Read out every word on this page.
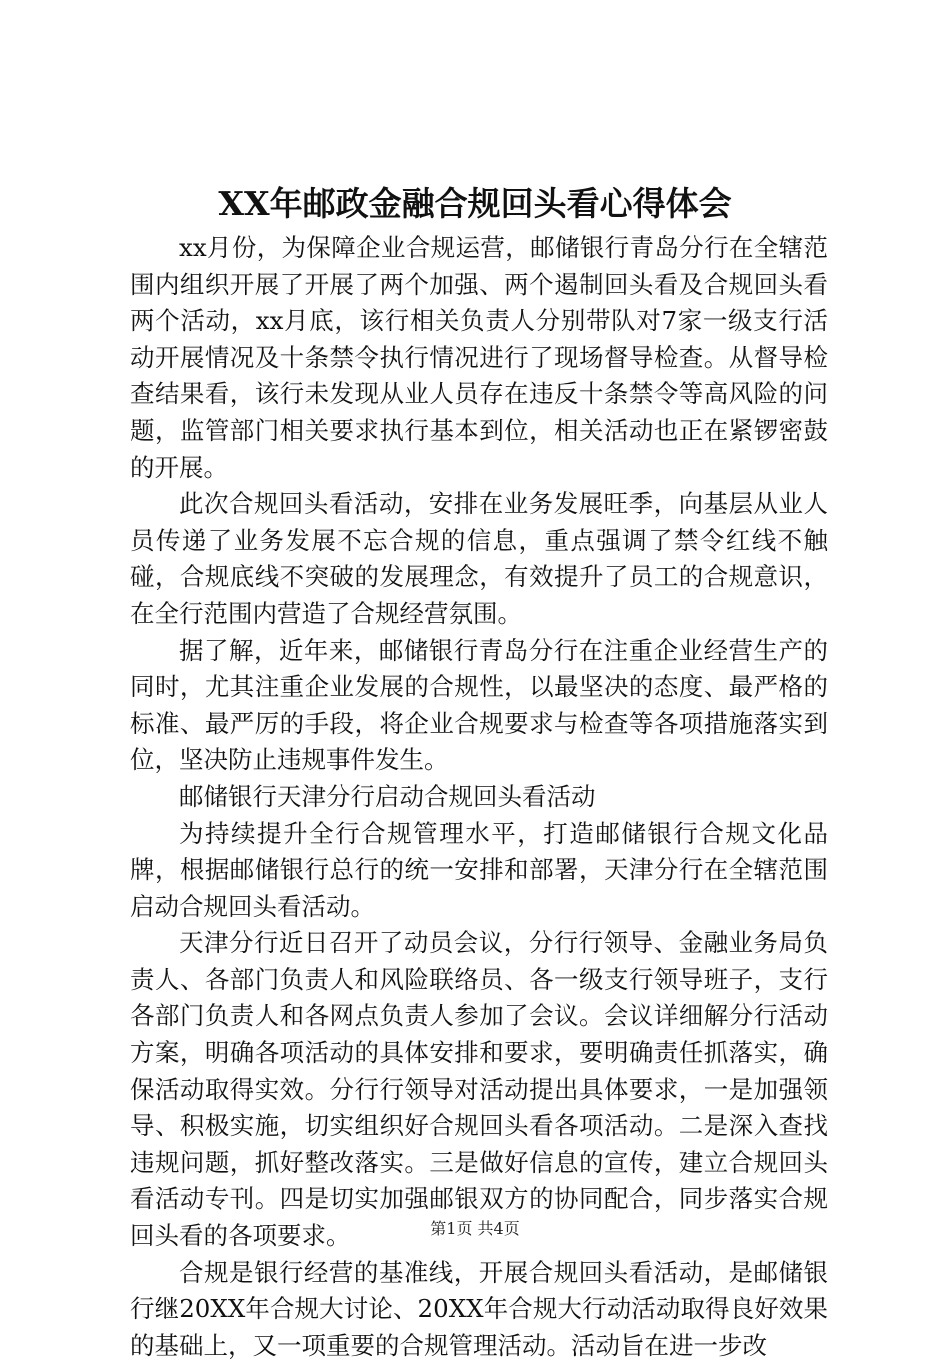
XX年邮政金融合规回头看心得体会

xx月份，为保障企业合规运营，邮储银行青岛分行在全辖范围内组织开展了开展了两个加强、两个遏制回头看及合规回头看两个活动，xx月底，该行相关负责人分别带队对7家一级支行活动开展情况及十条禁令执行情况进行了现场督导检查。从督导检查结果看，该行未发现从业人员存在违反十条禁令等高风险的问题，监管部门相关要求执行基本到位，相关活动也正在紧锣密鼓的开展。

此次合规回头看活动，安排在业务发展旺季，向基层从业人员传递了业务发展不忘合规的信息，重点强调了禁令红线不触碰，合规底线不突破的发展理念，有效提升了员工的合规意识，在全行范围内营造了合规经营氛围。

据了解，近年来，邮储银行青岛分行在注重企业经营生产的同时，尤其注重企业发展的合规性，以最坚决的态度、最严格的标准、最严厉的手段，将企业合规要求与检查等各项措施落实到位，坚决防止违规事件发生。

邮储银行天津分行启动合规回头看活动

为持续提升全行合规管理水平，打造邮储银行合规文化品牌，根据邮储银行总行的统一安排和部署，天津分行在全辖范围启动合规回头看活动。

天津分行近日召开了动员会议，分行行领导、金融业务局负责人、各部门负责人和风险联络员、各一级支行领导班子，支行各部门负责人和各网点负责人参加了会议。会议详细解分行活动方案，明确各项活动的具体安排和要求，要明确责任抓落实，确保活动取得实效。分行行领导对活动提出具体要求，一是加强领导、积极实施，切实组织好合规回头看各项活动。二是深入查找违规问题，抓好整改落实。三是做好信息的宣传，建立合规回头看活动专刊。四是切实加强邮银双方的协同配合，同步落实合规回头看的各项要求。

合规是银行经营的基准线，开展合规回头看活动，是邮储银行继20XX年合规大讨论、20XX年合规大行动活动取得良好效果的基础上，又一项重要的合规管理活动。活动旨在进一步改

第1页 共4页
